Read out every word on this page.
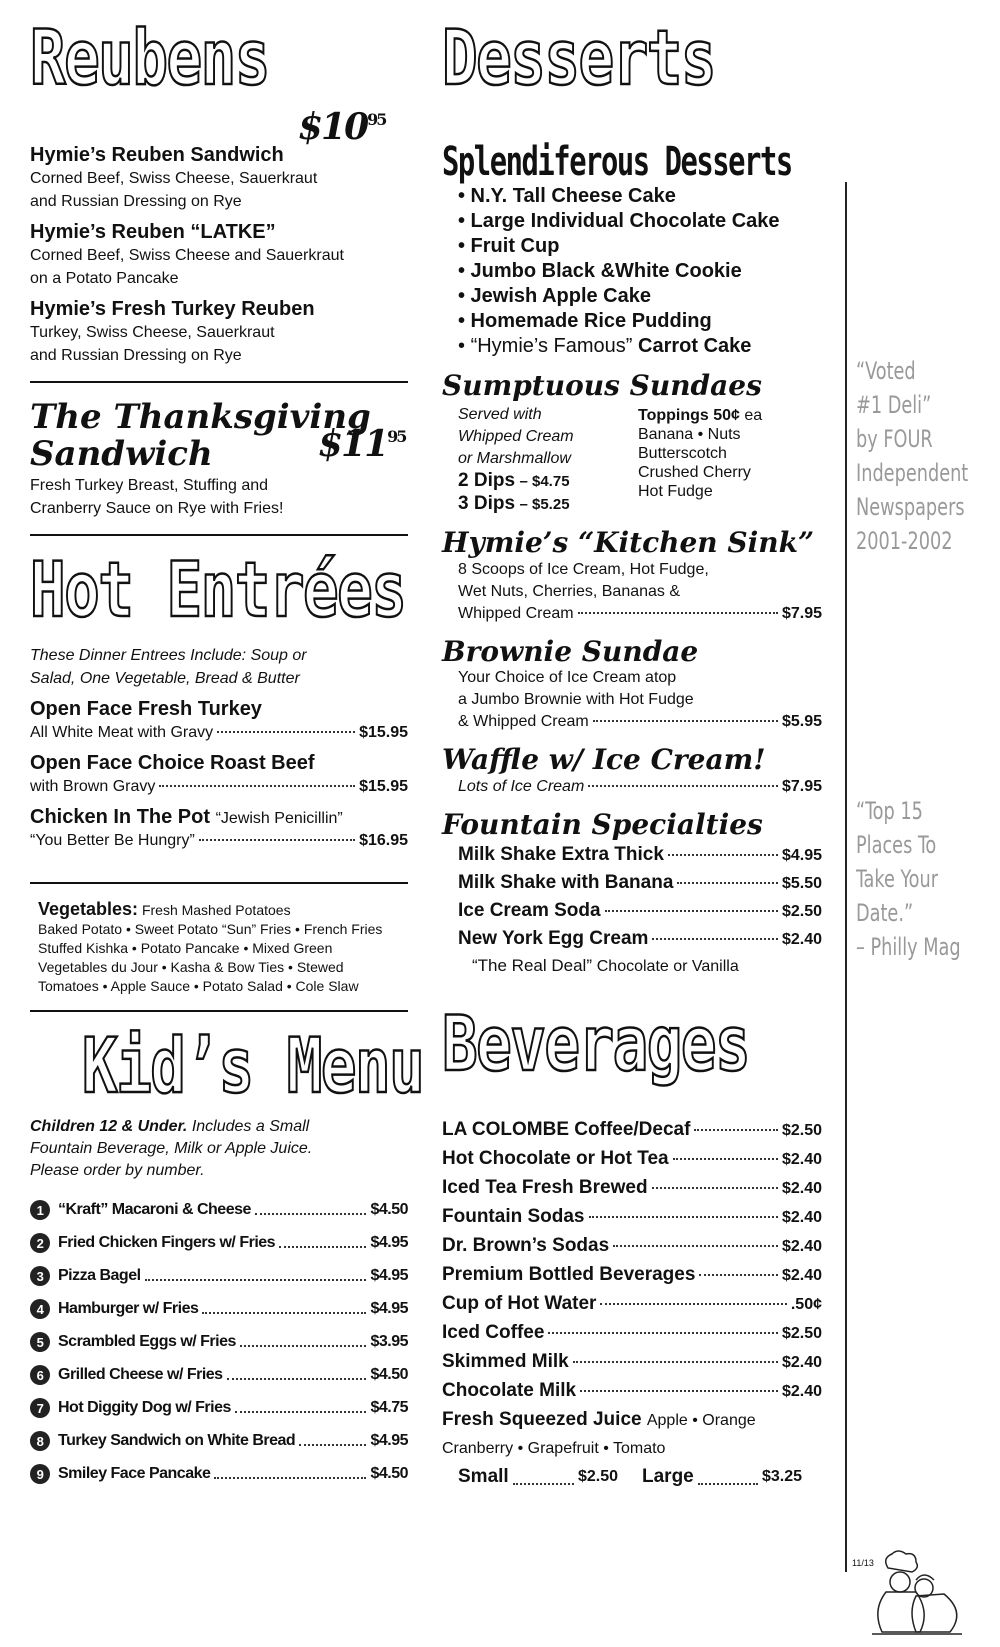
Reubens
$\$10^{95}$
Hymie’s Reuben Sandwich
Corned Beef, Swiss Cheese, Sauerkraut
and Russian Dressing on Rye
Hymie’s Reuben “LATKE”
Corned Beef, Swiss Cheese and Sauerkraut
on a Potato Pancake
Hymie’s Fresh Turkey Reuben
Turkey, Swiss Cheese, Sauerkraut
and Russian Dressing on Rye
The Thanksgiving
Sandwich	$\$11^{95}$
Fresh Turkey Breast, Stuffing and
Cranberry Sauce on Rye with Fries!
Hot Entrées
These Dinner Entrees Include: Soup or
Salad, One Vegetable, Bread & Butter
Open Face Fresh Turkey
All White Meat with Gravy	$15.95
Open Face Choice Roast Beef
with Brown Gravy	$15.95
Chicken In The Pot “Jewish Penicillin”
“You Better Be Hungry”	$16.95
Vegetables: Fresh Mashed Potatoes
Baked Potato • Sweet Potato “Sun” Fries • French Fries
Stuffed Kishka • Potato Pancake • Mixed Green
Vegetables du Jour • Kasha & Bow Ties • Stewed
Tomatoes • Apple Sauce • Potato Salad • Cole Slaw
Kid’s Menu
Children 12 & Under. Includes a Small
Fountain Beverage, Milk or Apple Juice.
Please order by number.
1 “Kraft” Macaroni & Cheese	$4.50
2 Fried Chicken Fingers w/ Fries	$4.95
3 Pizza Bagel	$4.95
4 Hamburger w/ Fries	$4.95
5 Scrambled Eggs w/ Fries	$3.95
6 Grilled Cheese w/ Fries	$4.50
7 Hot Diggity Dog w/ Fries	$4.75
8 Turkey Sandwich on White Bread	$4.95
9 Smiley Face Pancake	$4.50
Desserts
Splendiferous Desserts
• N.Y. Tall Cheese Cake
• Large Individual Chocolate Cake
• Fruit Cup
• Jumbo Black &White Cookie
• Jewish Apple Cake
• Homemade Rice Pudding
• “Hymie’s Famous” Carrot Cake
Sumptuous Sundaes
Served with
Whipped Cream
or Marshmallow
2 Dips – $4.75
3 Dips – $5.25
Toppings 50¢ ea
Banana • Nuts
Butterscotch
Crushed Cherry
Hot Fudge
Hymie’s “Kitchen Sink”
8 Scoops of Ice Cream, Hot Fudge,
Wet Nuts, Cherries, Bananas &
Whipped Cream	$7.95
Brownie Sundae
Your Choice of Ice Cream atop
a Jumbo Brownie with Hot Fudge
& Whipped Cream	$5.95
Waffle w/ Ice Cream!
Lots of Ice Cream	$7.95
Fountain Specialties
Milk Shake Extra Thick	$4.95
Milk Shake with Banana	$5.50
Ice Cream Soda	$2.50
New York Egg Cream	$2.40
“The Real Deal” Chocolate or Vanilla
Beverages
LA COLOMBE Coffee/Decaf	$2.50
Hot Chocolate or Hot Tea	$2.40
Iced Tea Fresh Brewed	$2.40
Fountain Sodas	$2.40
Dr. Brown’s Sodas	$2.40
Premium Bottled Beverages	$2.40
Cup of Hot Water	.50¢
Iced Coffee	$2.50
Skimmed Milk	$2.40
Chocolate Milk	$2.40
Fresh Squeezed Juice Apple • Orange
Cranberry • Grapefruit • Tomato
Small	$2.50 Large	$3.25
“Voted
#1 Deli”
by FOUR
Independent
Newspapers
2001-2002
“Top 15
Places To
Take Your
Date.”
– Philly Mag
11/13
